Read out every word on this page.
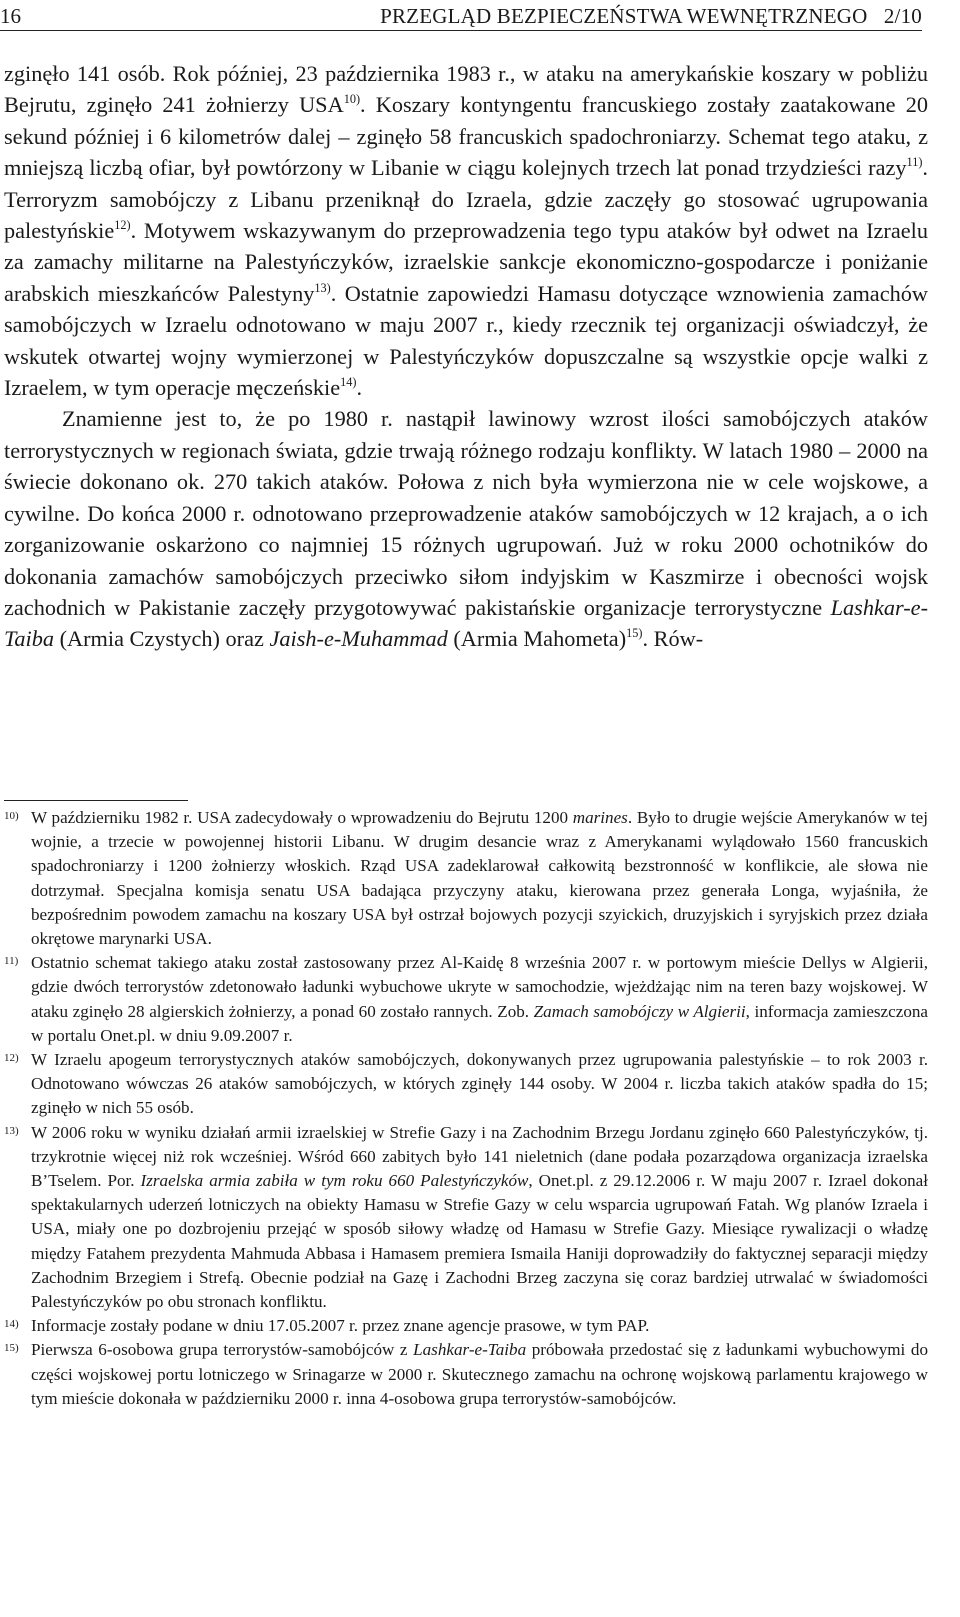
16	PRZEGLĄD BEZPIECZEŃSTWA WEWNĘTRZNEGO   2/10

zginęło 141 osób. Rok później, 23 października 1983 r., w ataku na amerykańskie koszary w pobliżu Bejrutu, zginęło 241 żołnierzy USA$^{10)}$. Koszary kontyngentu francuskiego zostały zaatakowane 20 sekund później i 6 kilometrów dalej – zginęło 58 francuskich spadochroniarzy. Schemat tego ataku, z mniejszą liczbą ofiar, był powtórzony w Libanie w ciągu kolejnych trzech lat ponad trzydzieści razy$^{11)}$. Terroryzm samobójczy z Libanu przeniknął do Izraela, gdzie zaczęły go stosować ugrupowania palestyńskie$^{12)}$. Motywem wskazywanym do przeprowadzenia tego typu ataków był odwet na Izraelu za zamachy militarne na Palestyńczyków, izraelskie sankcje ekonomiczno-gospodarcze i poniżanie arabskich mieszkańców Palestyny$^{13)}$. Ostatnie zapowiedzi Hamasu dotyczące wznowienia zamachów samobójczych w Izraelu odnotowano w maju 2007 r., kiedy rzecznik tej organizacji oświadczył, że wskutek otwartej wojny wymierzonej w Palestyńczyków dopuszczalne są wszystkie opcje walki z Izraelem, w tym operacje męczeńskie$^{14)}$.

Znamienne jest to, że po 1980 r. nastąpił lawinowy wzrost ilości samobójczych ataków terrorystycznych w regionach świata, gdzie trwają różnego rodzaju konflikty. W latach 1980 – 2000 na świecie dokonano ok. 270 takich ataków. Połowa z nich była wymierzona nie w cele wojskowe, a cywilne. Do końca 2000 r. odnotowano przeprowadzenie ataków samobójczych w 12 krajach, a o ich zorganizowanie oskarżono co najmniej 15 różnych ugrupowań. Już w roku 2000 ochotników do dokonania zamachów samobójczych przeciwko siłom indyjskim w Kaszmirze i obecności wojsk zachodnich w Pakistanie zaczęły przygotowywać pakistańskie organizacje terrorystyczne Lashkar-e-Taiba (Armia Czystych) oraz Jaish-e-Muhammad (Armia Mahometa)$^{15)}$. Rów-

10) W październiku 1982 r. USA zadecydowały o wprowadzeniu do Bejrutu 1200 marines. Było to drugie wejście Amerykanów w tej wojnie, a trzecie w powojennej historii Libanu. W drugim desancie wraz z Amerykanami wylądowało 1560 francuskich spadochroniarzy i 1200 żołnierzy włoskich. Rząd USA zadeklarował całkowitą bezstronność w konflikcie, ale słowa nie dotrzymał. Specjalna komisja senatu USA badająca przyczyny ataku, kierowana przez generała Longa, wyjaśniła, że bezpośrednim powodem zamachu na koszary USA był ostrzał bojowych pozycji szyickich, druzyjskich i syryjskich przez działa okrętowe marynarki USA.
11) Ostatnio schemat takiego ataku został zastosowany przez Al-Kaidę 8 września 2007 r. w portowym mieście Dellys w Algierii, gdzie dwóch terrorystów zdetonowało ładunki wybuchowe ukryte w samochodzie, wjeżdżając nim na teren bazy wojskowej. W ataku zginęło 28 algierskich żołnierzy, a ponad 60 zostało rannych. Zob. Zamach samobójczy w Algierii, informacja zamieszczona w portalu Onet.pl. w dniu 9.09.2007 r.
12) W Izraelu apogeum terrorystycznych ataków samobójczych, dokonywanych przez ugrupowania palestyńskie – to rok 2003 r. Odnotowano wówczas 26 ataków samobójczych, w których zginęły 144 osoby. W 2004 r. liczba takich ataków spadła do 15; zginęło w nich 55 osób.
13) W 2006 roku w wyniku działań armii izraelskiej w Strefie Gazy i na Zachodnim Brzegu Jordanu zginęło 660 Palestyńczyków, tj. trzykrotnie więcej niż rok wcześniej. Wśród 660 zabitych było 141 nieletnich (dane podała pozarządowa organizacja izraelska B’Tselem. Por. Izraelska armia zabiła w tym roku 660 Palestyńczyków, Onet.pl. z 29.12.2006 r. W maju 2007 r. Izrael dokonał spektakularnych uderzeń lotniczych na obiekty Hamasu w Strefie Gazy w celu wsparcia ugrupowań Fatah. Wg planów Izraela i USA, miały one po dozbrojeniu przejąć w sposób siłowy władzę od Hamasu w Strefie Gazy. Miesiące rywalizacji o władzę między Fatahem prezydenta Mahmuda Abbasa i Hamasem premiera Ismaila Haniji doprowadziły do faktycznej separacji między Zachodnim Brzegiem i Strefą. Obecnie podział na Gazę i Zachodni Brzeg zaczyna się coraz bardziej utrwalać w świadomości Palestyńczyków po obu stronach konfliktu.
14) Informacje zostały podane w dniu 17.05.2007 r. przez znane agencje prasowe, w tym PAP.
15) Pierwsza 6-osobowa grupa terrorystów-samobójców z Lashkar-e-Taiba próbowała przedostać się z ładunkami wybuchowymi do części wojskowej portu lotniczego w Srinagarze w 2000 r. Skutecznego zamachu na ochronę wojskową parlamentu krajowego w tym mieście dokonała w październiku 2000 r. inna 4-osobowa grupa terrorystów-samobójców.
